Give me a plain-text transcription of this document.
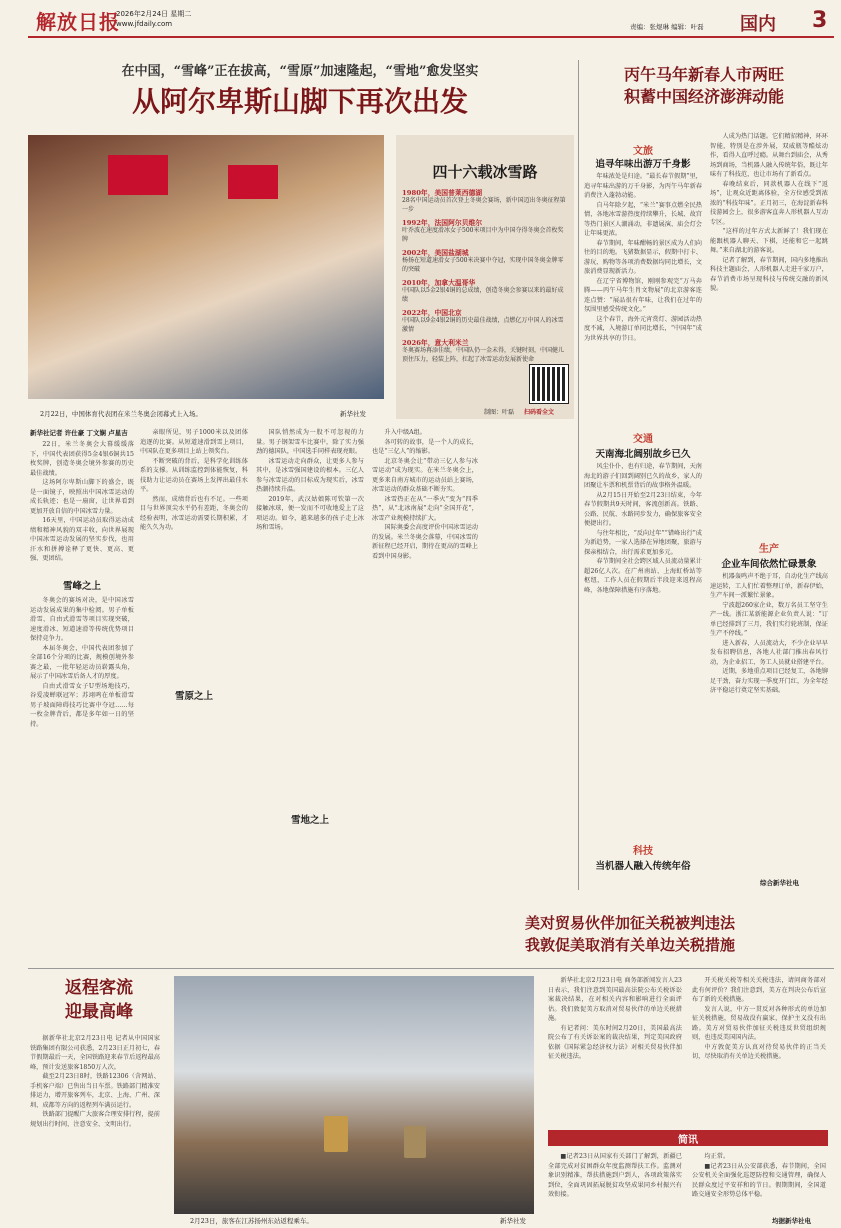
解放日报
2026年2月24日 星期二
www.jfdaily.com	责编：张煜琳 编辑：叶磊 国内 3
在中国，“雪峰”正在拔高，“雪原”加速隆起，“雪地”愈发坚实
从阿尔卑斯山脚下再次出发
2月22日，中国体育代表团在米兰冬奥会闭幕式上入场。	新华社发
四十六载冰雪路
1980年，美国普莱西德湖
28名中国运动员首次登上冬奥会赛场，新中国迈出冬奥征程第一步
1992年，法国阿尔贝维尔
叶乔波在速度滑冰女子500米项目中为中国夺得冬奥会首枚奖牌
2002年，美国盐湖城
杨扬在短道速滑女子500米决赛中夺冠，实现中国冬奥金牌零的突破
2010年，加拿大温哥华
中国队以5金2银4铜的总成绩，创造冬奥会参赛以来的最好成绩
2022年，中国北京
中国队以9金4银2铜的历史最佳战绩，点燃亿万中国人的冰雪激情
2026年，意大利米兰
冬奥赛场再添佳绩，中国队仍一金未得，关键时刻，中国健儿顶住压力，轻装上阵，扛起了冰雪运动发展新使命
扫码看全文
制图：叶磊
新华社记者 许仕豪 丁文娴 卢星吉

22日，米兰冬奥会大幕缓缓落下，中国代表团获得5金4银6铜共15枚奖牌，创造冬奥会境外参赛的历史最佳战绩。

这场阿尔卑斯山脚下的盛会，既是一面镜子，映照出中国冰雪运动的成长轨迹；也是一扇窗，让世界看到更加开放自信的中国冰雪力量。

16天里，中国运动员取得运动成绩和精神风貌的双丰收，向世界展现中国冰雪运动发展的坚实步伐，也用汗水和拼搏诠释了更快、更高、更强、更团结。

雪峰之上

冬奥会的赛场对决，是中国冰雪运动发展成果的集中检阅。男子单板滑雪、自由式滑雪等项目实现突破，速度滑冰、短道速滑等传统优势项目保持竞争力。

本届冬奥会，中国代表团参加了全部16个分项的比赛，规模创境外参赛之最，一批年轻运动员崭露头角，展示了中国冰雪后备人才的厚度。

自由式滑雪女子U型场地技巧，谷爱凌蝉联冠军；苏翊鸣在单板滑雪男子坡面障碍技巧比赛中夺冠……每一枚金牌背后，都是多年如一日的坚持。

亲眼所见，男子1000米以及团体追逐的比赛。从短道速滑到雪上项目，中国队在更多项目上站上领奖台。

不断突破的背后，是科学化训练体系的支撑。从训练监控到体能恢复，科技助力让运动员在赛场上发挥出最佳水平。

然而，成绩背后也有不足。一些项目与世界顶尖水平仍有差距，冬奥会的经验表明，冰雪运动需要长期积累，才能久久为功。

雪原之上

国队悄然成为一股不可忽视的力量。男子钢架雪车比赛中，除了实力强劲的德国队，中国选手同样表现亮眼。

冰雪运动走向群众，让更多人参与其中，是冰雪强国建设的根本。三亿人参与冰雪运动的目标成为现实后，冰雪热潮持续升温。

2019年，武汉姑娘陈可钦第一次接触冰球，便一发而不可收地爱上了这项运动。如今，越来越多的孩子走上冰场和雪场。

雪地之上

升入中级A组。

各可转的故事，是一个人的成长，也是“三亿人”的缩影。

北京冬奥会让“带动三亿人参与冰雪运动”成为现实。在米兰冬奥会上，更多来自南方城市的运动员站上赛场，冰雪运动的群众基础不断夯实。

冰雪热正在从“一季火”变为“四季热”，从“北冰南展”走向“全国开花”，冰雪产业规模持续扩大。

国际奥委会高度评价中国冰雪运动的发展。米兰冬奥会落幕，中国冰雪的新征程已经开启，期待在更高的雪峰上看到中国身影。

丙午马年新春人市两旺
积蓄中国经济澎湃动能
文旅
追寻年味出游万千身影

年味浓处是归途。“最长春节假期”里，追寻年味出游的万千身影，为丙午马年新春消费注入蓬勃动能。

自马年除夕起，“米兰”赛事点燃全民热情，各地冰雪游热度持续攀升，长城、故宫等热门景区人潮涌动，非遗展演、庙会灯会让年味更浓。

春节期间，年味酣畅的景区成为人们向往的目的地。飞猪数据显示，假期中打卡、游玩、购物等各项消费数据均同比增长，文旅消费显现新活力。

在辽宁省博物馆，刚刚参观完“万马奔腾——丙午马年生肖文物展”的北京游客连连点赞：“展品很有年味，让我们在过年的氛围里感受传统文化。”

这个春节，海外元宵赏灯、游园活动热度不减，入境游订单同比增长，“中国年”成为世界共享的节日。

交通
天南海北阔别故乡已久

风尘仆仆，也有归途，春节期间，天南海北的游子们回到阔别已久的故乡，家人的团聚让车票和机票背后的故事格外温暖。

从2月15日开始至2月23日结束，今年春节假期共9天时间，客流创新高。铁路、公路、民航、水路同步发力，确保旅客安全便捷出行。

与往年相比，“反向过年”“错峰出行”成为新趋势，一家人选择在异地团聚，旅游与探亲相结合，出行需求更加多元。

春节期间全社会跨区域人员流动量累计超26亿人次。在广州南站、上海虹桥站等枢纽，工作人员在假期后半段迎来返程高峰，各地保障措施有序落地。

科技
当机器人融入传统年俗

人成为热门话题。它们精招精神，环环智能，特别是在涉外展，双威瓶等酷炫动作，看得人直呼过瘾。从舞台到庙会，从秀场到商场，当机器人融入传统年俗，既让年味有了科技范，也让市场有了新看点。

春晚结束后，同款机器人在线下“返场”，让观众近距离体验，全方位感受到浓浓的“科技年味”。正月初三，在海淀新春科技游园会上，很多游客直奔人形机器人互动专区。

“这样的过年方式太新鲜了！我们现在能跟机器人聊天、下棋，还能和它一起跳舞。”来自湖北的游客说。

记者了解到，春节期间，国内多地推出科技主题庙会，人形机器人走进千家万户，春节消费市场呈现科技与传统交融的新风貌。

生产
企业车间依然忙碌景象

机器轰鸣声不绝于耳，自动化生产线高速运转，工人们忙着整理订单，新春伊始，生产车间一派繁忙景象。

宁波超260家企业，数万名员工坚守生产一线。浙江某新能源企业负责人说：“订单已经排到了三月，我们实行轮班制，保证生产不停线。”

进入新春，人员流动大，不少企业早早发布招聘信息，各地人社部门推出春风行动，为企业招工、务工人员就业搭建平台。

近期，多地重点项目已经复工，各地铆足干劲，奋力实现一季度开门红，为全年经济平稳运行奠定坚实基础。

综合新华社电
返程客流
迎最高峰

据新华社北京2月23日电 记者从中国国家铁路集团有限公司获悉，2月23日正月初七，春节假期最后一天，全国铁路迎来春节后返程最高峰，预计发送旅客1850万人次。

截至2月23日8时，铁路12306（含网站、手机客户端）已售出当日车票。铁路部门精准安排运力，增开旅客列车，北京、上海、广州、深圳、成都等方向的返程列车满员运行。

铁路部门提醒广大旅客合理安排行程，提前规划出行时间，注意安全、文明出行。

美对贸易伙伴加征关税被判违法
我敦促美取消有关单边关税措施
2月23日，旅客在江苏扬州东站返程乘车。	新华社发

新华社北京2月23日电 商务部新闻发言人23日表示，我们注意到美国最高法院公布关税诉讼案裁决结果，在对相关内容和影响进行全面评估。我们敦促美方取消对贸易伙伴的单边关税措施。

有记者问：美东时间2月20日，美国最高法院公布了有关诉讼案的裁决结果，判定美国政府依据《国际紧急经济权力法》对相关贸易伙伴加征关税违法。

开关税关税等相关关税违法，请问商务部对此有何评价？我们注意到，美方在判决公布后宣布了新的关税措施。

发言人说，中方一贯反对各种形式的单边加征关税措施，贸易战没有赢家，保护主义没有出路。美方对贸易伙伴加征关税违反世贸组织规则，也违反美国国内法。

中方敦促美方认真对待贸易伙伴的正当关切，尽快取消有关单边关税措施。

简讯

■记者23日从国家有关部门了解到，新疆已全部完成对贫困群众年度监测帮扶工作。监测对象识别精准，帮扶措施到户到人，各项政策落实到位，全面巩固拓展脱贫攻坚成果同乡村振兴有效衔接。

均正常。

■记者23日从公安部获悉，春节期间，全国公安机关全面强化巡逻防控和交通管理，确保人民群众度过平安祥和的节日。假期期间，全国道路交通安全形势总体平稳。

均据新华社电
